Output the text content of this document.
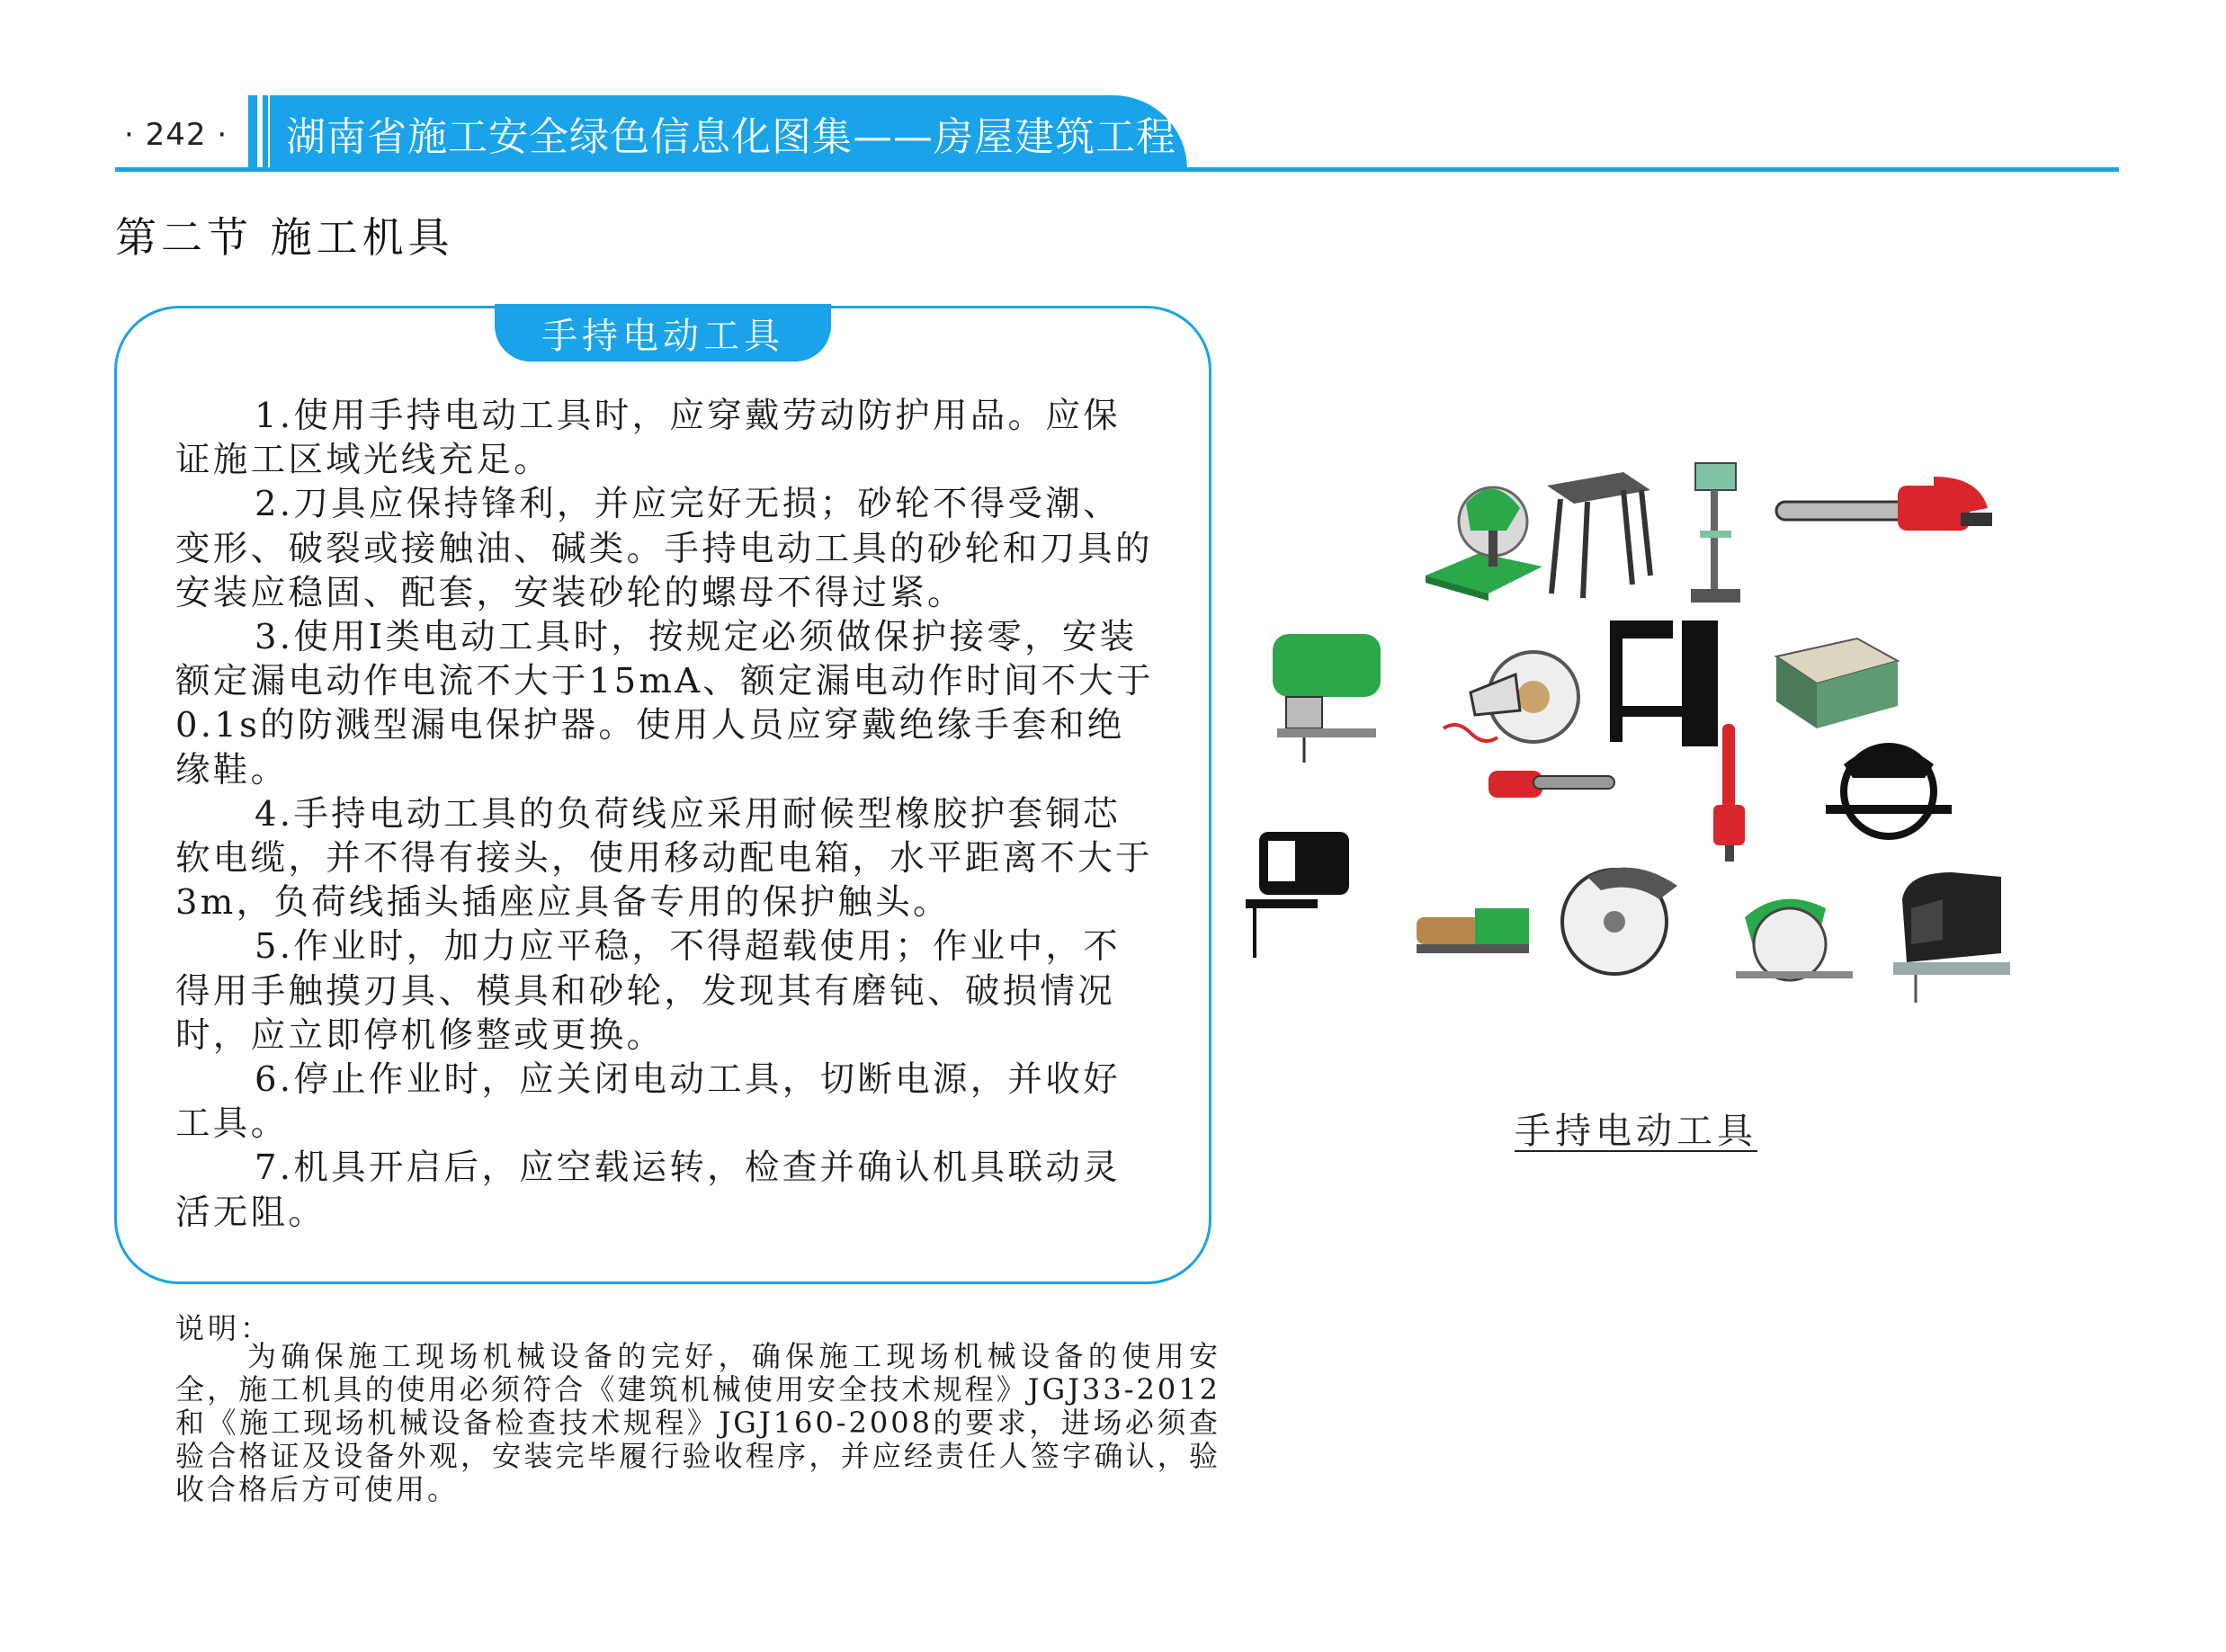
· 242 · 湖南省施工安全绿色信息化图集——房屋建筑工程
第二节 施工机具
手持电动工具

1.使用手持电动工具时，应穿戴劳动防护用品。应保证施工区域光线充足。

2.刀具应保持锋利，并应完好无损；砂轮不得受潮、变形、破裂或接触油、碱类。手持电动工具的砂轮和刀具的安装应稳固、配套，安装砂轮的螺母不得过紧。

3.使用Ⅰ类电动工具时，按规定必须做保护接零，安装额定漏电动作电流不大于15mA、额定漏电动作时间不大于0.1s的防溅型漏电保护器。使用人员应穿戴绝缘手套和绝缘鞋。

4.手持电动工具的负荷线应采用耐候型橡胶护套铜芯软电缆，并不得有接头，使用移动配电箱，水平距离不大于3m，负荷线插头插座应具备专用的保护触头。

5.作业时，加力应平稳，不得超载使用；作业中，不得用手触摸刃具、模具和砂轮，发现其有磨钝、破损情况时，应立即停机修整或更换。

6.停止作业时，应关闭电动工具，切断电源，并收好工具。

7.机具开启后，应空载运转，检查并确认机具联动灵活无阻。

说明：
为确保施工现场机械设备的完好，确保施工现场机械设备的使用安全，施工机具的使用必须符合《建筑机械使用安全技术规程》JGJ33-2012和《施工现场机械设备检查技术规程》JGJ160-2008的要求，进场必须查验合格证及设备外观，安装完毕履行验收程序，并应经责任人签字确认，验收合格后方可使用。
手持电动工具
